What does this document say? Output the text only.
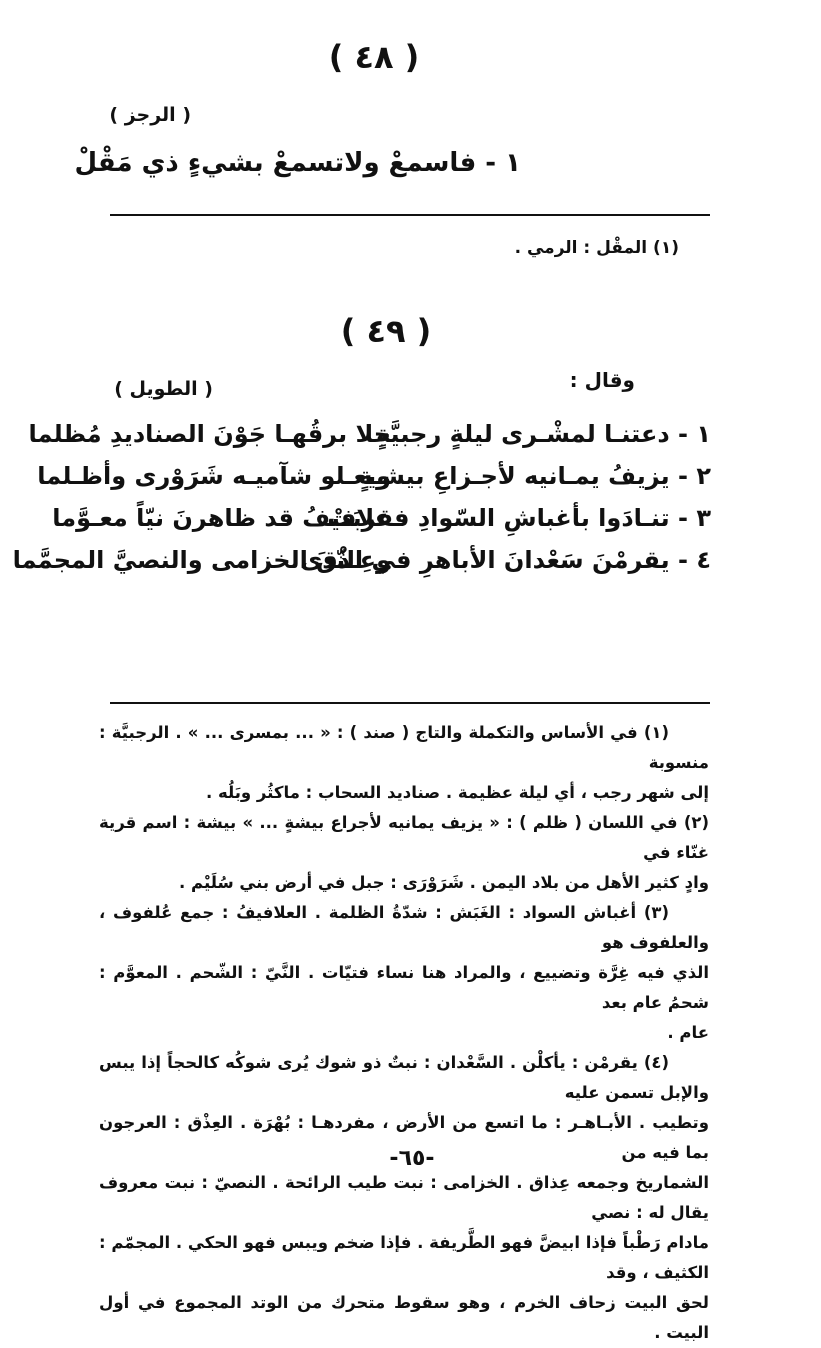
( ٤٨ )
( الرجز )
١ - فاسمعْ ولاتسمعْ بشيءٍ ذي مَقْلْ
(١) المقْل : الرمي .
( ٤٩ )
وقال :
( الطويل )
١ - دعتنـا لمشْـرى ليلةٍ رجبيَّةٍ
جلا برقُهـا جَوْنَ الصناديدِ مُظلما
٢ - يزيفُ يمـانيه لأجـزاعِ بيشـةٍ
ويعـلو شآميـه شَرَوْرى وأظـلما
٣ - تنـادَوا بأغباشِ السّوادِ فقربَتْ
علافيفُ قد ظاهرنَ نيّاً معـوَّما
٤ - يقرمْنَ سَعْدانَ الأباهرِ في النّدى
وعِـذْقَ الخزامى والنصيَّ المجمَّما

(١) في الأساس والتكملة والتاج ( صند ) : « ... بمسرى ... » . الرجبيَّة : منسوبة

إلى شهر رجب ، أي ليلة عظيمة . صناديد السحاب : ماكثُر وبَلُه .

(٢) في اللسان ( ظلم ) : « يزيف يمانيه لأجراع بيشةٍ ... » بيشة : اسم قرية غنّاء في

وادٍ كثير الأهل من بلاد اليمن . شَرَوْرَى : جبل في أرض بني سُلَيْم .

(٣) أغباش السواد : الغَبَش : شدّةُ الظلمة . العلافيفُ : جمع عُلفوف ، والعلفوف هو

الذي فيه غِرَّة وتضييع ، والمراد هنا نساء فتيّات . النَّيّ : الشّحم . المعوَّم : شحمُ عام بعد

عام .

(٤) يقرمْن : يأكلْن . السَّعْدان : نبتٌ ذو شوك يُرى شوكُه كالحجاً إذا يبس والإبل تسمن عليه

وتطيب . الأبـاهـر : ما اتسع من الأرض ، مفردهـا : بُهْرَة . العِذْق : العرجون بما فيه من

الشماريخ وجمعه عِذاق . الخزامى : نبت طيب الرائحة . النصيّ : نبت معروف يقال له : نصي

مادام رَطْباً فإذا ابيضَّ فهو الطَّريفة . فإذا ضخم ويبس فهو الحكي . المجمّم : الكثيف ، وقد

لحق البيت زحاف الخرم ، وهو سقوط متحرك من الوتد المجموع في أول البيت .

-٦٥-
